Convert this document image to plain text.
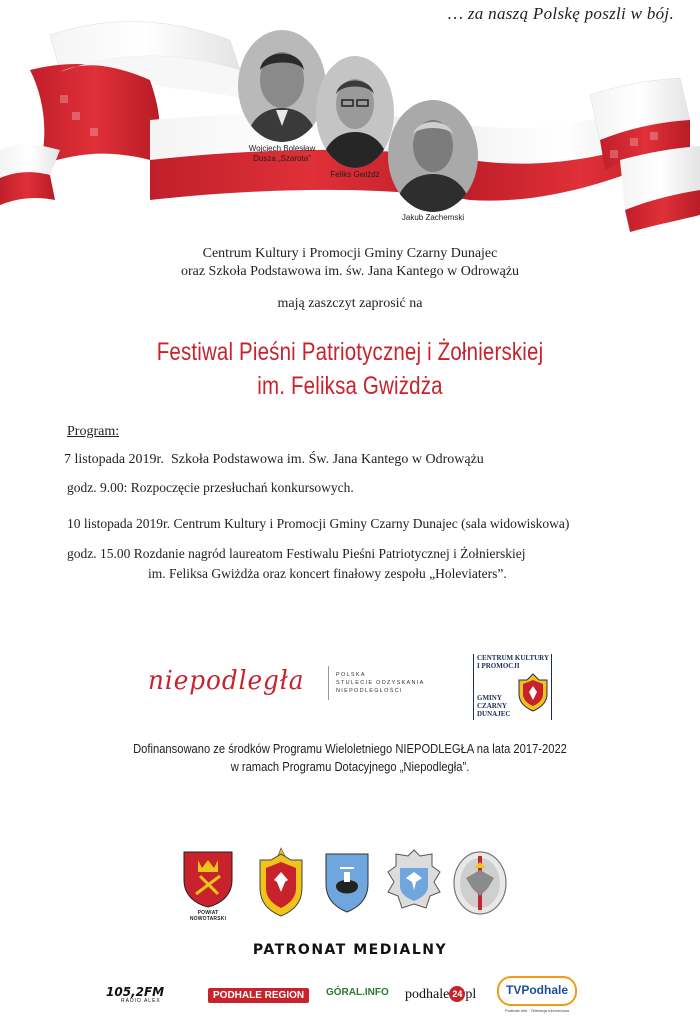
… za naszą Polskę poszli w bój.
Wojciech Bolesław
Dusza „Szarota”
Feliks Gwiżdż
Jakub Zachemski
Centrum Kultury i Promocji Gminy Czarny Dunajec
oraz Szkoła Podstawowa im. św. Jana Kantego w Odrowążu
mają zaszczyt zaprosić na
Festiwal Pieśni Patriotycznej i Żołnierskiej
im. Feliksa Gwiżdża
Program:
7 listopada 2019r. Szkoła Podstawowa im. Św. Jana Kantego w Odrowążu
godz. 9.00: Rozpoczęcie przesłuchań konkursowych.
10 listopada 2019r. Centrum Kultury i Promocji Gminy Czarny Dunajec (sala widowiskowa)
godz. 15.00 Rozdanie nagród laureatom Festiwalu Pieśni Patriotycznej i Żołnierskiej
im. Feliksa Gwiżdża oraz koncert finałowy zespołu „Holeviaters”.
niepodległa	POLSKA
STULECIE ODZYSKANIA
NIEPODLEGŁOŚCI
CENTRUM KULTURY
I PROMOCJI
GMINY
CZARNY
DUNAJEC
Dofinansowano ze środków Programu Wieloletniego NIEPODLEGŁA na lata 2017-2022
w ramach Programu Dotacyjnego „Niepodległa”.
POWIAT NOWOTARSKI
PATRONAT MEDIALNY
105,2FM
RADIO ALEX	PODHALE REGION	GÓRAL.INFO podhale 24 pl	TVPodhale
Podhale.info · Telewizja Internetowa
